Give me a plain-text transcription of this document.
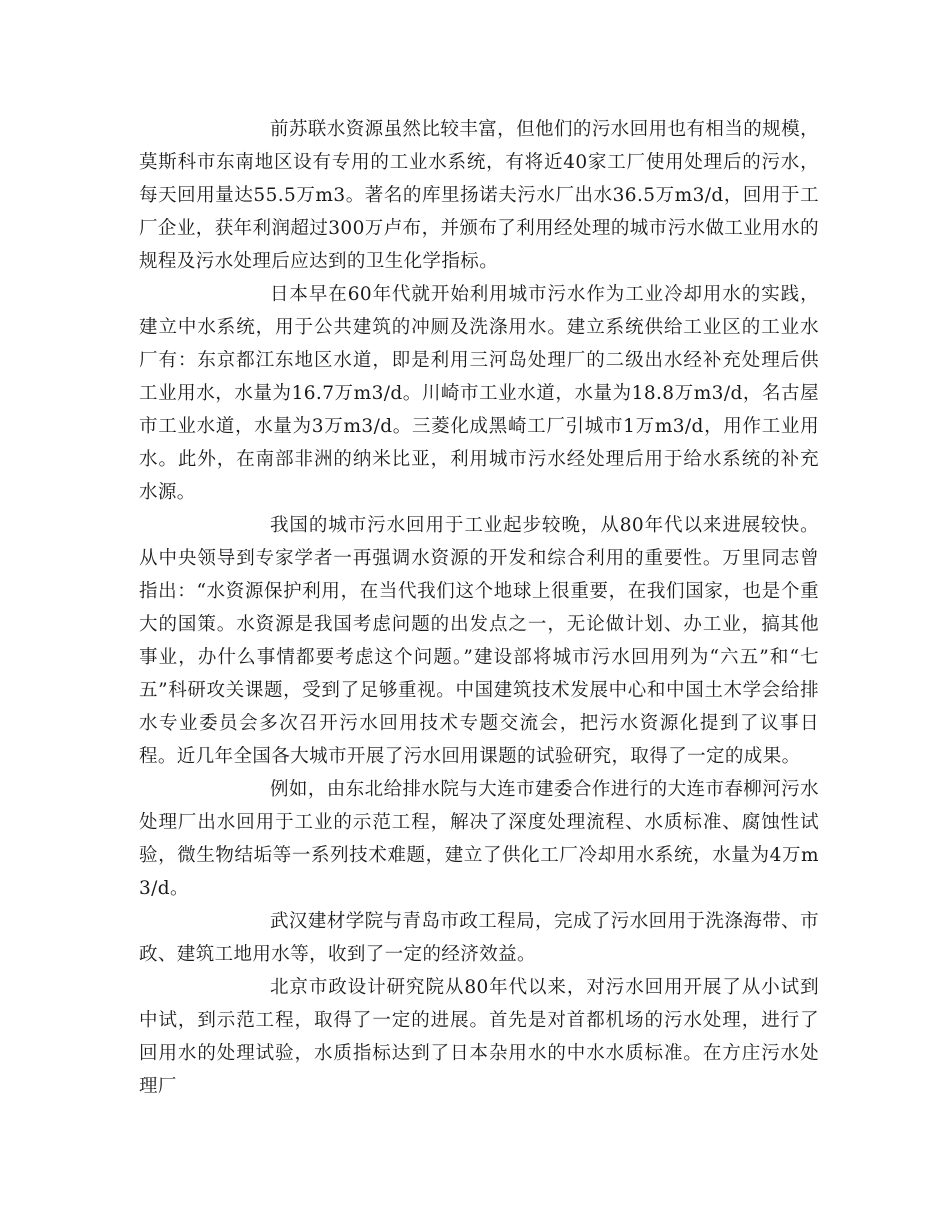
前苏联水资源虽然比较丰富，但他们的污水回用也有相当的规模，莫斯科市东南地区设有专用的工业水系统，有将近40家工厂使用处理后的污水，每天回用量达55.5万m3。著名的库里扬诺夫污水厂出水36.5万m3/d，回用于工厂企业，获年利润超过300万卢布，并颁布了利用经处理的城市污水做工业用水的规程及污水处理后应达到的卫生化学指标。

日本早在60年代就开始利用城市污水作为工业冷却用水的实践，建立中水系统，用于公共建筑的冲厕及洗涤用水。建立系统供给工业区的工业水厂有：东京都江东地区水道，即是利用三河岛处理厂的二级出水经补充处理后供工业用水，水量为16.7万m3/d。川崎市工业水道，水量为18.8万m3/d，名古屋市工业水道，水量为3万m3/d。三菱化成黑崎工厂引城市1万m3/d，用作工业用水。此外，在南部非洲的纳米比亚，利用城市污水经处理后用于给水系统的补充水源。

我国的城市污水回用于工业起步较晚，从80年代以来进展较快。从中央领导到专家学者一再强调水资源的开发和综合利用的重要性。万里同志曾指出：“水资源保护利用，在当代我们这个地球上很重要，在我们国家，也是个重大的国策。水资源是我国考虑问题的出发点之一，无论做计划、办工业，搞其他事业，办什么事情都要考虑这个问题。”建设部将城市污水回用列为“六五”和“七五”科研攻关课题，受到了足够重视。中国建筑技术发展中心和中国土木学会给排水专业委员会多次召开污水回用技术专题交流会，把污水资源化提到了议事日程。近几年全国各大城市开展了污水回用课题的试验研究，取得了一定的成果。

例如，由东北给排水院与大连市建委合作进行的大连市春柳河污水处理厂出水回用于工业的示范工程，解决了深度处理流程、水质标准、腐蚀性试验，微生物结垢等一系列技术难题，建立了供化工厂冷却用水系统，水量为4万m3/d。

武汉建材学院与青岛市政工程局，完成了污水回用于洗涤海带、市政、建筑工地用水等，收到了一定的经济效益。

北京市政设计研究院从80年代以来，对污水回用开展了从小试到中试，到示范工程，取得了一定的进展。首先是对首都机场的污水处理，进行了回用水的处理试验，水质指标达到了日本杂用水的中水水质标准。在方庄污水处理厂
